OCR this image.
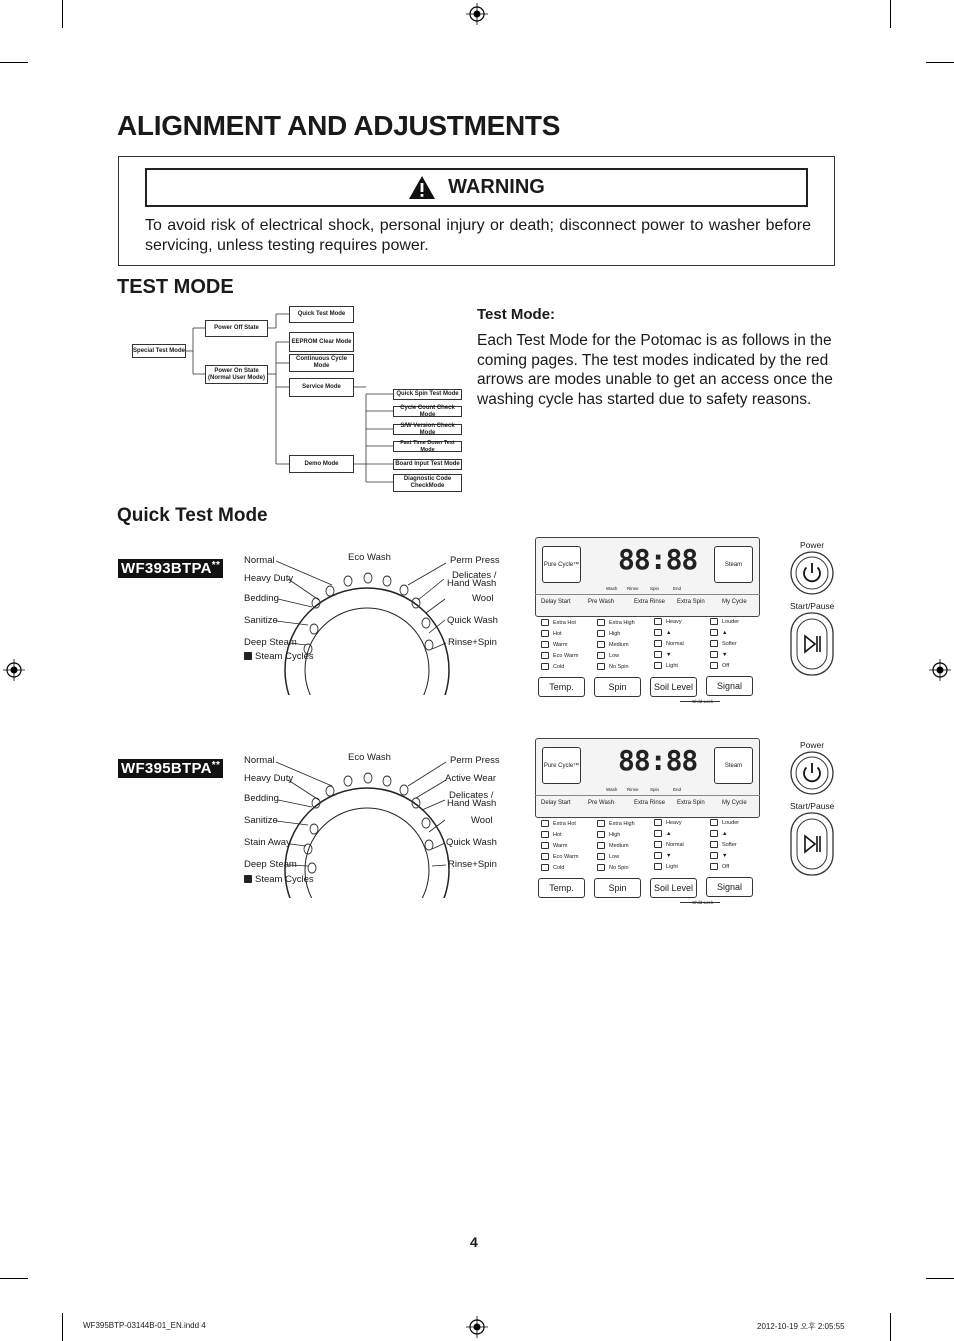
ALIGNMENT AND ADJUSTMENTS
WARNING
To avoid risk of electrical shock, personal injury or death; disconnect power to washer before servicing, unless testing requires power.
TEST MODE
Special Test Mode
Power Off State
Power On State (Normal User Mode)
Quick Test Mode
EEPROM Clear Mode
Continuous Cycle Mode
Service Mode
Demo Mode
Quick Spin Test Mode
Cycle Count Check Mode
S/W Version Check Mode
Fast Time Down Test Mode
Board Input Test Mode
Diagnostic Code CheckMode
Test Mode:
Each Test Mode for the Potomac is as follows in the coming pages. The test modes indicated by the red arrows are modes unable to get an access once the washing cycle has started due to safety reasons.
Quick Test Mode
WF393BTPA**	Normal
Heavy Duty
Bedding
Sanitize
Deep Steam
Steam Cycles
Eco Wash	Perm Press
Delicates /
Hand Wash
Wool
Quick Wash
Rinse+Spin
Pure Cycle™ 88:88	Steam
Wash Rinse	Spin	End
Delay Start	Pre Wash	Extra Rinse Extra Spin	My Cycle
Extra Hot
Hot
Warm
Eco Warm
Cold
Extra High
High
Medium
Low
No Spin
Heavy
▲
Normal
▼
Light
Louder
▲
Softer
▼
Off
Temp.	Spin	Soil Level	Signal
Child Lock
Power
Start/Pause
WF395BTPA**	Normal
Heavy Duty
Bedding
Sanitize
Stain Away
Deep Steam
Steam Cycles
Eco Wash	Perm Press
Active Wear
Delicates /
Hand Wash
Wool
Quick Wash
Rinse+Spin
Pure Cycle™ 88:88	Steam
Wash Rinse	Spin	End
Delay Start	Pre Wash	Extra Rinse Extra Spin	My Cycle
Extra Hot
Hot
Warm
Eco Warm
Cold
Extra High
High
Medium
Low
No Spin
Heavy
▲
Normal
▼
Light
Louder
▲
Softer
▼
Off
Temp.	Spin	Soil Level	Signal
Child Lock
Power
Start/Pause
4
WF395BTP-03144B-01_EN.indd 4	2012-10-19 오후 2:05:55
